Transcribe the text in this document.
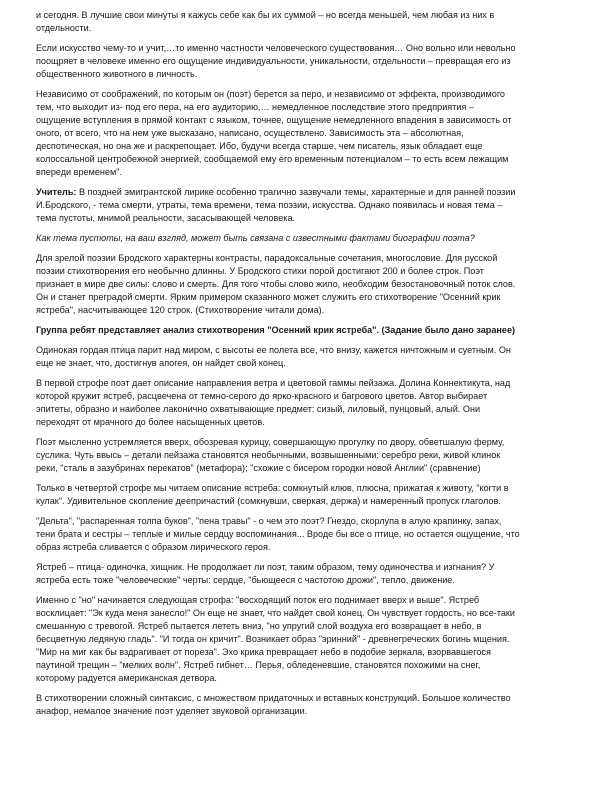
и сегодня. В лучшие свои минуты я кажусь себе как бы их суммой – но всегда меньшей, чем любая из них в
отдельности.
Если искусство чему-то и учит,…то именно частности человеческого существования… Оно вольно или невольно
поощряет в человеке именно его ощущение индивидуальности, уникальности, отдельности – превращая его из
общественного животного в личность.
Независимо от соображений, по которым он (поэт) берется за перо, и независимо от эффекта, производимого
тем, что выходит из- под его пера, на его аудиторию,… немедленное последствие этого предприятия –
ощущение вступления в прямой контакт с языком, точнее, ощущение немедленного впадения в зависимость от
оного, от всего, что на нем уже высказано, написано, осуществлено. Зависимость эта – абсолютная,
деспотическая, но она же и раскрепощает. Ибо, будучи всегда старше, чем писатель, язык обладает еще
колоссальной центробежной энергией, сообщаемой ему его временным потенциалом – то есть всем лежащим
впереди временем".
Учитель: В поздней эмигрантской лирике особенно трагично зазвучали темы, характерные и для ранней поэзии
И.Бродского, - тема смерти, утраты, тема времени, тема поэзии, искусства. Однако появилась и новая тема –
тема пустоты, мнимой реальности, засасывающей человека.
Как тема пустоты, на ваш взгляд, может быть связана с известными фактами биографии поэта?
Для зрелой поэзии Бродского характерны контрасты, парадоксальные сочетания, многословие. Для русской
поэзии стихотворения его необычно длинны. У Бродского стихи порой достигают 200 и более строк. Поэт
признает в мире две силы: слово и смерть. Для того чтобы слово жило, необходим безостановочный поток слов.
Он и станет преградой смерти. Ярким примером сказанного может служить его стихотворение "Осенний крик
ястреба", насчитывающее 120 строк. (Стихотворение читали дома).
Группа ребят представляет анализ стихотворения "Осенний крик ястреба". (Задание было дано заранее)
Одинокая гордая птица парит над миром, с высоты ее полета все, что внизу, кажется ничтожным и суетным. Он
еще не знает, что, достигнув апогея, он найдет свой конец.
В первой строфе поэт дает описание направления ветра и цветовой гаммы пейзажа. Долина Коннектикута, над
которой кружит ястреб, расцвечена от темно-серого до ярко-красного и багрового цветов. Автор выбирает
эпитеты, образно и наиболее лаконично охватывающие предмет: сизый, лиловый, пунцовый, алый. Они
переходят от мрачного до более насыщенных цветов.
Поэт мысленно устремляется вверх, обозревая курицу, совершающую прогулку по двору, обветшалую ферму,
суслика. Чуть ввысь – детали пейзажа становятся необычными, возвышенными: серебро реки, живой клинок
реки, "сталь в зазубринах перекатов" (метафора); "схожие с бисером городки новой Англии" (сравнение)
Только в четвертой строфе мы читаем описание ястреба: сомкнутый клюв, плюсна, прижатая к животу, "когти в
кулак". Удивительное скопление деепричастий (сомкнувши, сверкая, держа) и намеренный пропуск глаголов.
"Дельта", "распаренная толпа буков", "пена травы" - о чем это поэт? Гнездо, скорлупа в алую крапинку, запах,
тени брата и сестры – теплые и милые сердцу воспоминания... Вроде бы все о птице, но остается ощущение, что
образ ястреба сливается с образом лирического героя.
Ястреб – птица- одиночка, хищник. Не продолжает ли поэт, таким образом, тему одиночества и изгнания? У
ястреба есть тоже "человеческие" черты: сердце, "бьющееся с частотою дрожи", тепло, движение.
Именно с "но" начинается следующая строфа: "восходящий поток его поднимает вверх и выше". Ястреб
восклицает: "Эк куда меня занесло!" Он еще не знает, что найдет свой конец. Он чувствует гордость, но все-таки
смешанную с тревогой. Ястреб пытается лететь вниз, "но упругий слой воздуха его возвращает в небо, в
бесцветную ледяную гладь". "И тогда он кричит". Возникает образ "эринний" - древнегреческих богинь мщения.
"Мир на миг как бы вздрагивает от пореза". Эхо крика превращает небо в подобие зеркала, взорвавшегося
паутиной трещин – "мелких волн". Ястреб гибнет… Перья, обледеневшие, становятся похожими на снег,
которому радуется американская детвора.
В стихотворении сложный синтаксис, с множеством придаточных и вставных конструкций. Большое количество
анафор, немалое значение поэт уделяет звуковой организации.
